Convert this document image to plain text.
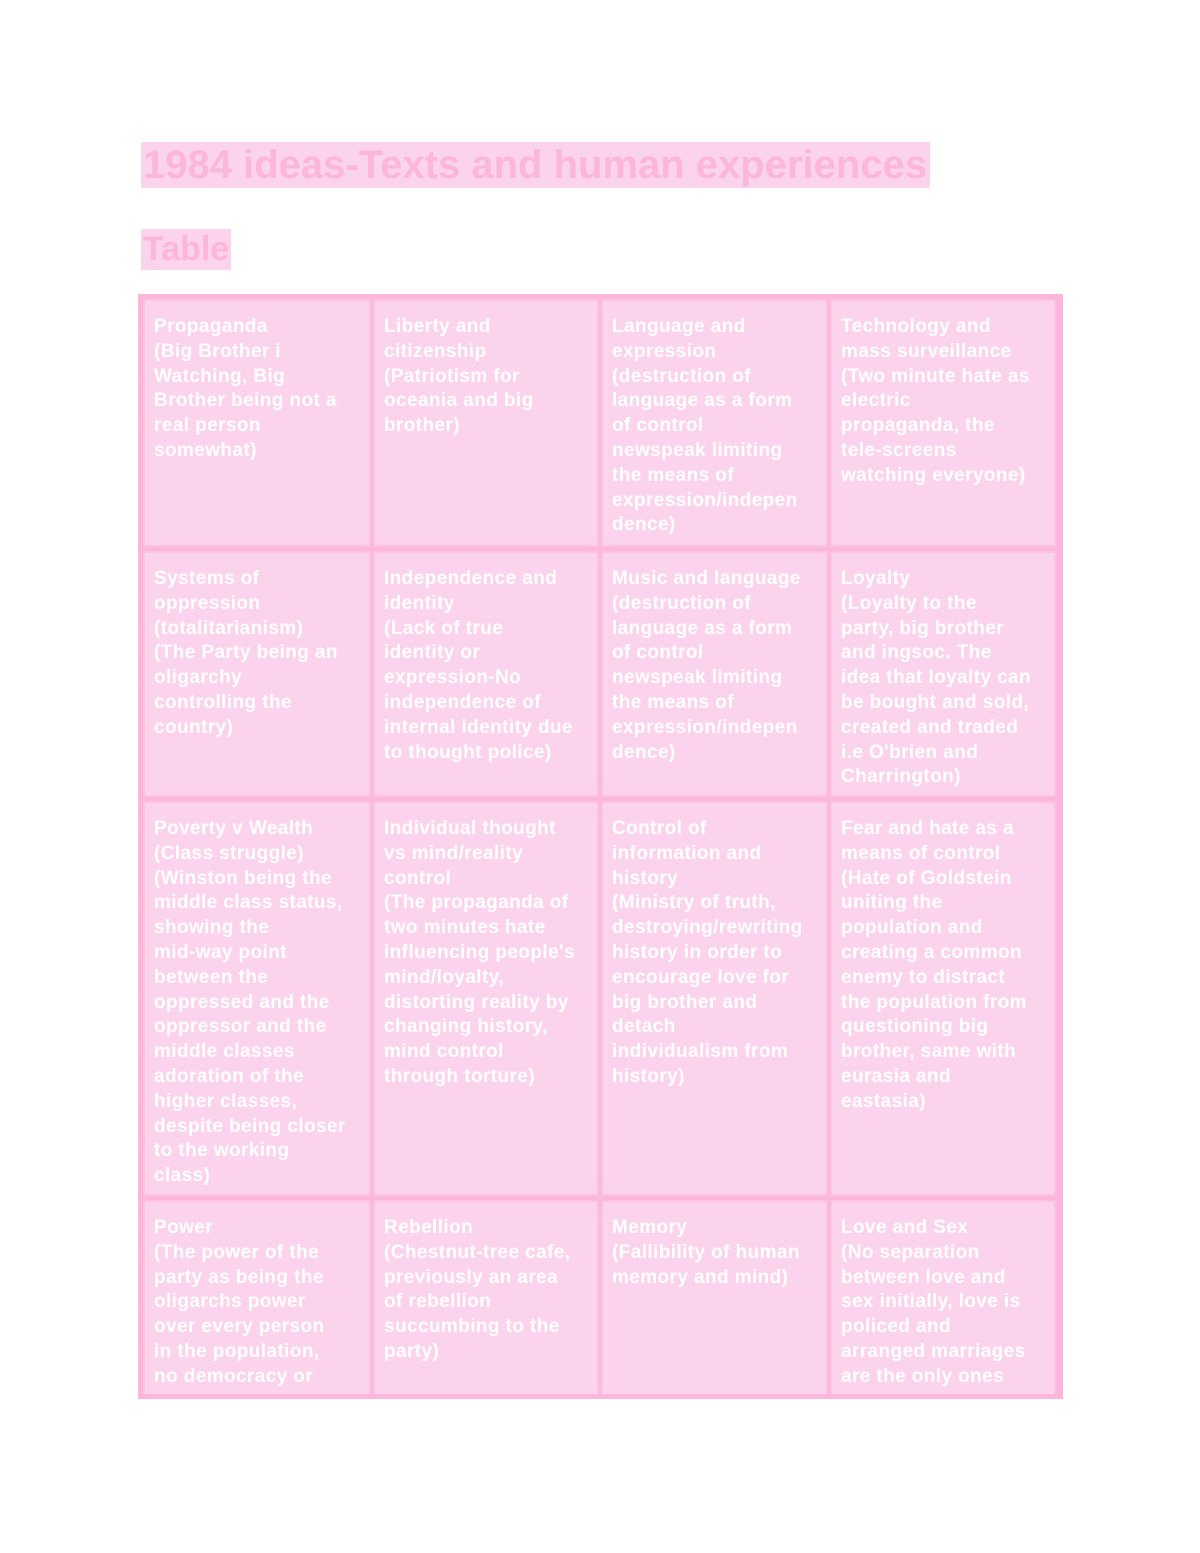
1984 ideas-Texts and human experiences
Table

Propaganda
(Big Brother i
Watching, Big
Brother being not a
real person
somewhat)

Liberty and
citizenship
(Patriotism for
oceania and big
brother)

Language and
expression
(destruction of
language as a form
of control
newspeak limiting
the means of
expression/indepen
dence)

Technology and
mass surveillance
(Two minute hate as
electric
propaganda, the
tele-screens
watching everyone)

Systems of
oppression
(totalitarianism)
(The Party being an
oligarchy
controlling the
country)

Independence and
identity
(Lack of true
identity or
expression-No
independence of
internal identity due
to thought police)

Music and language
(destruction of
language as a form
of control
newspeak limiting
the means of
expression/indepen
dence)

Loyalty
(Loyalty to the
party, big brother
and ingsoc. The
idea that loyalty can
be bought and sold,
created and traded
i.e O'brien and
Charrington)

Poverty v Wealth
(Class struggle)
(Winston being the
middle class status,
showing the
mid-way point
between the
oppressed and the
oppressor and the
middle classes
adoration of the
higher classes,
despite being closer
to the working
class)

Individual thought
vs mind/reality
control
(The propaganda of
two minutes hate
influencing people's
mind/loyalty,
distorting reality by
changing history,
mind control
through torture)

Control of
information and
history
(Ministry of truth,
destroying/rewriting
history in order to
encourage love for
big brother and
detach
individualism from
history)

Fear and hate as a
means of control
(Hate of Goldstein
uniting the
population and
creating a common
enemy to distract
the population from
questioning big
brother, same with
eurasia and
eastasia)

Power
(The power of the
party as being the
oligarchs power
over every person
in the population,
no democracy or

Rebellion
(Chestnut-tree cafe,
previously an area
of rebellion
succumbing to the
party)

Memory
(Fallibility of human
memory and mind)

Love and Sex
(No separation
between love and
sex initially, love is
policed and
arranged marriages
are the only ones
